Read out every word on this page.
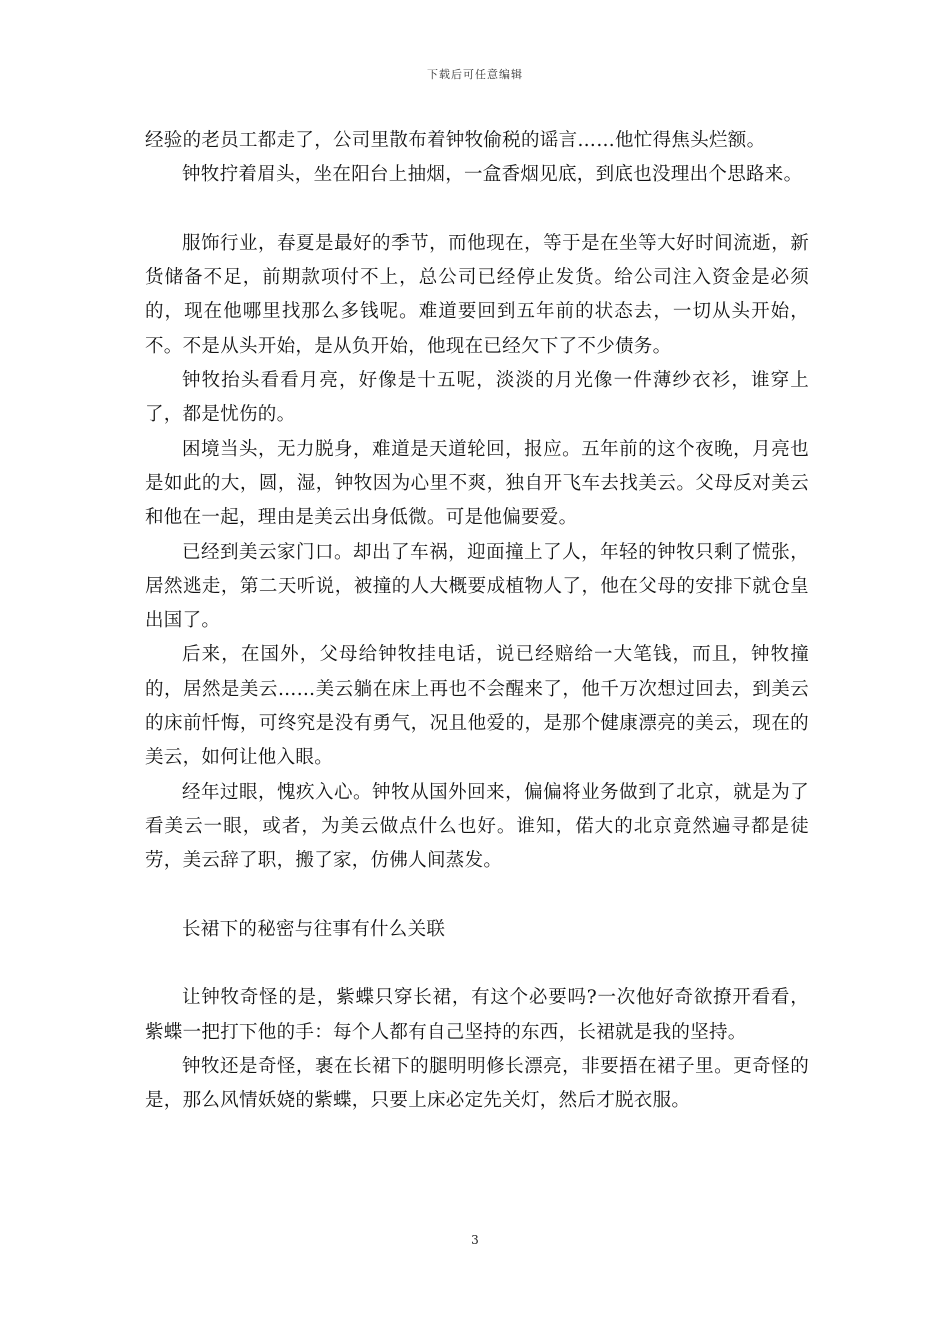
下载后可任意编辑

经验的老员工都走了，公司里散布着钟牧偷税的谣言……他忙得焦头烂额。

钟牧拧着眉头，坐在阳台上抽烟，一盒香烟见底，到底也没理出个思路来。

服饰行业，春夏是最好的季节，而他现在，等于是在坐等大好时间流逝，新货储备不足，前期款项付不上，总公司已经停止发货。给公司注入资金是必须的，现在他哪里找那么多钱呢。难道要回到五年前的状态去，一切从头开始，不。不是从头开始，是从负开始，他现在已经欠下了不少债务。

钟牧抬头看看月亮，好像是十五呢，淡淡的月光像一件薄纱衣衫，谁穿上了，都是忧伤的。

困境当头，无力脱身，难道是天道轮回，报应。五年前的这个夜晚，月亮也是如此的大，圆，湿，钟牧因为心里不爽，独自开飞车去找美云。父母反对美云和他在一起，理由是美云出身低微。可是他偏要爱。

已经到美云家门口。却出了车祸，迎面撞上了人，年轻的钟牧只剩了慌张，居然逃走，第二天听说，被撞的人大概要成植物人了，他在父母的安排下就仓皇出国了。

后来，在国外，父母给钟牧挂电话，说已经赔给一大笔钱，而且，钟牧撞的，居然是美云……美云躺在床上再也不会醒来了，他千万次想过回去，到美云的床前忏悔，可终究是没有勇气，况且他爱的，是那个健康漂亮的美云，现在的美云，如何让他入眼。

经年过眼，愧疚入心。钟牧从国外回来，偏偏将业务做到了北京，就是为了看美云一眼，或者，为美云做点什么也好。谁知，偌大的北京竟然遍寻都是徒劳，美云辞了职，搬了家，仿佛人间蒸发。

长裙下的秘密与往事有什么关联

让钟牧奇怪的是，紫蝶只穿长裙，有这个必要吗?一次他好奇欲撩开看看，紫蝶一把打下他的手：每个人都有自己坚持的东西，长裙就是我的坚持。

钟牧还是奇怪，裹在长裙下的腿明明修长漂亮，非要捂在裙子里。更奇怪的是，那么风情妖娆的紫蝶，只要上床必定先关灯，然后才脱衣服。

3
